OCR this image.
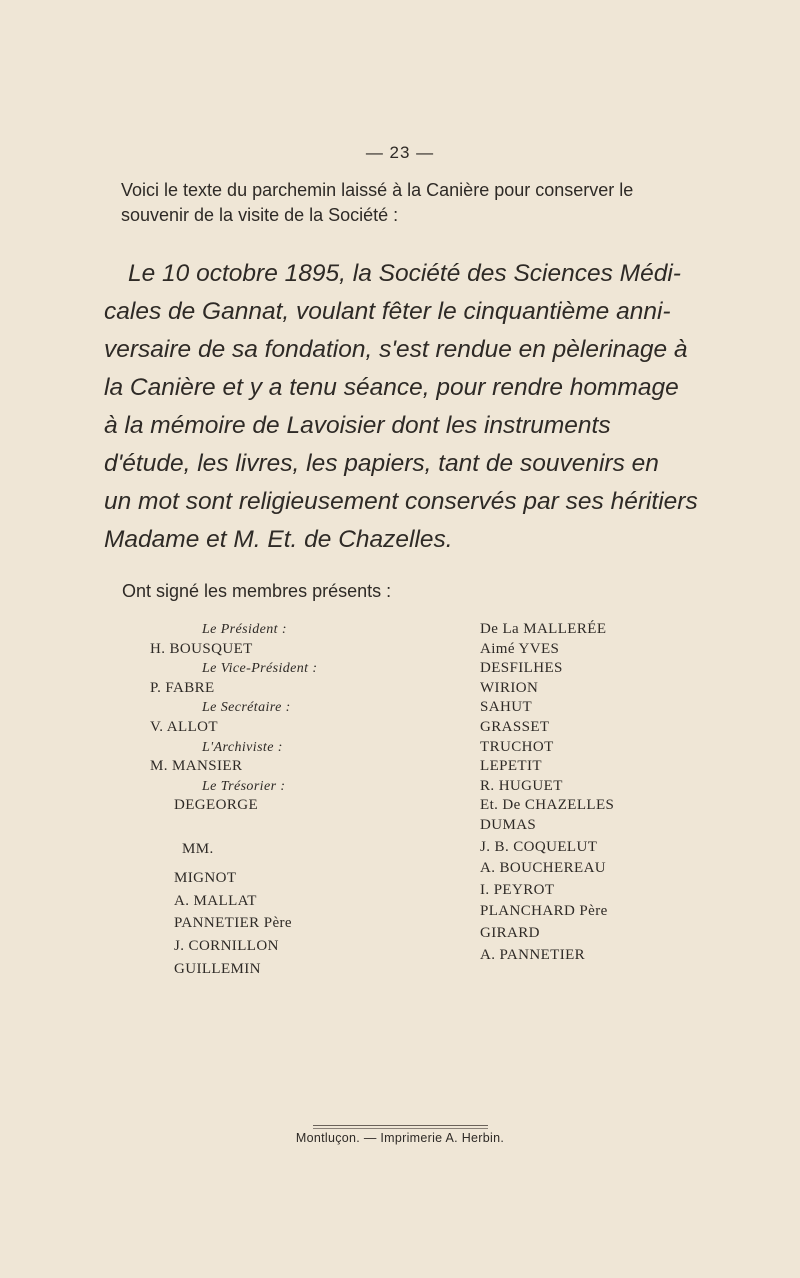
— 23 —

Voici le texte du parchemin laissé à la Canière pour conserver le souvenir de la visite de la Société :

Le 10 octobre 1895, la Société des Sciences Médi-
cales de Gannat, voulant fêter le cinquantième anni-
versaire de sa fondation, s'est rendue en pèlerinage à
la Canière et y a tenu séance, pour rendre hommage
à la mémoire de Lavoisier dont les instruments
d'étude, les livres, les papiers, tant de souvenirs en
un mot sont religieusement conservés par ses héritiers
Madame et M. Et. de Chazelles.

Ont signé les membres présents :

Le Président :
H. BOUSQUET
Le Vice-Président :
P. FABRE
Le Secrétaire :
V. ALLOT
L'Archiviste :
M. MANSIER
Le Trésorier :
DEGEORGE
MM.
MIGNOT
A. MALLAT
PANNETIER Père
J. CORNILLON
GUILLEMIN
De La MALLERÉE
Aimé YVES
DESFILHES
WIRION
SAHUT
GRASSET
TRUCHOT
LEPETIT
R. HUGUET
Et. De CHAZELLES
DUMAS
J. B. COQUELUT
A. BOUCHEREAU
I. PEYROT
PLANCHARD Père
GIRARD
A. PANNETIER
Montluçon. — Imprimerie A. Herbin.
